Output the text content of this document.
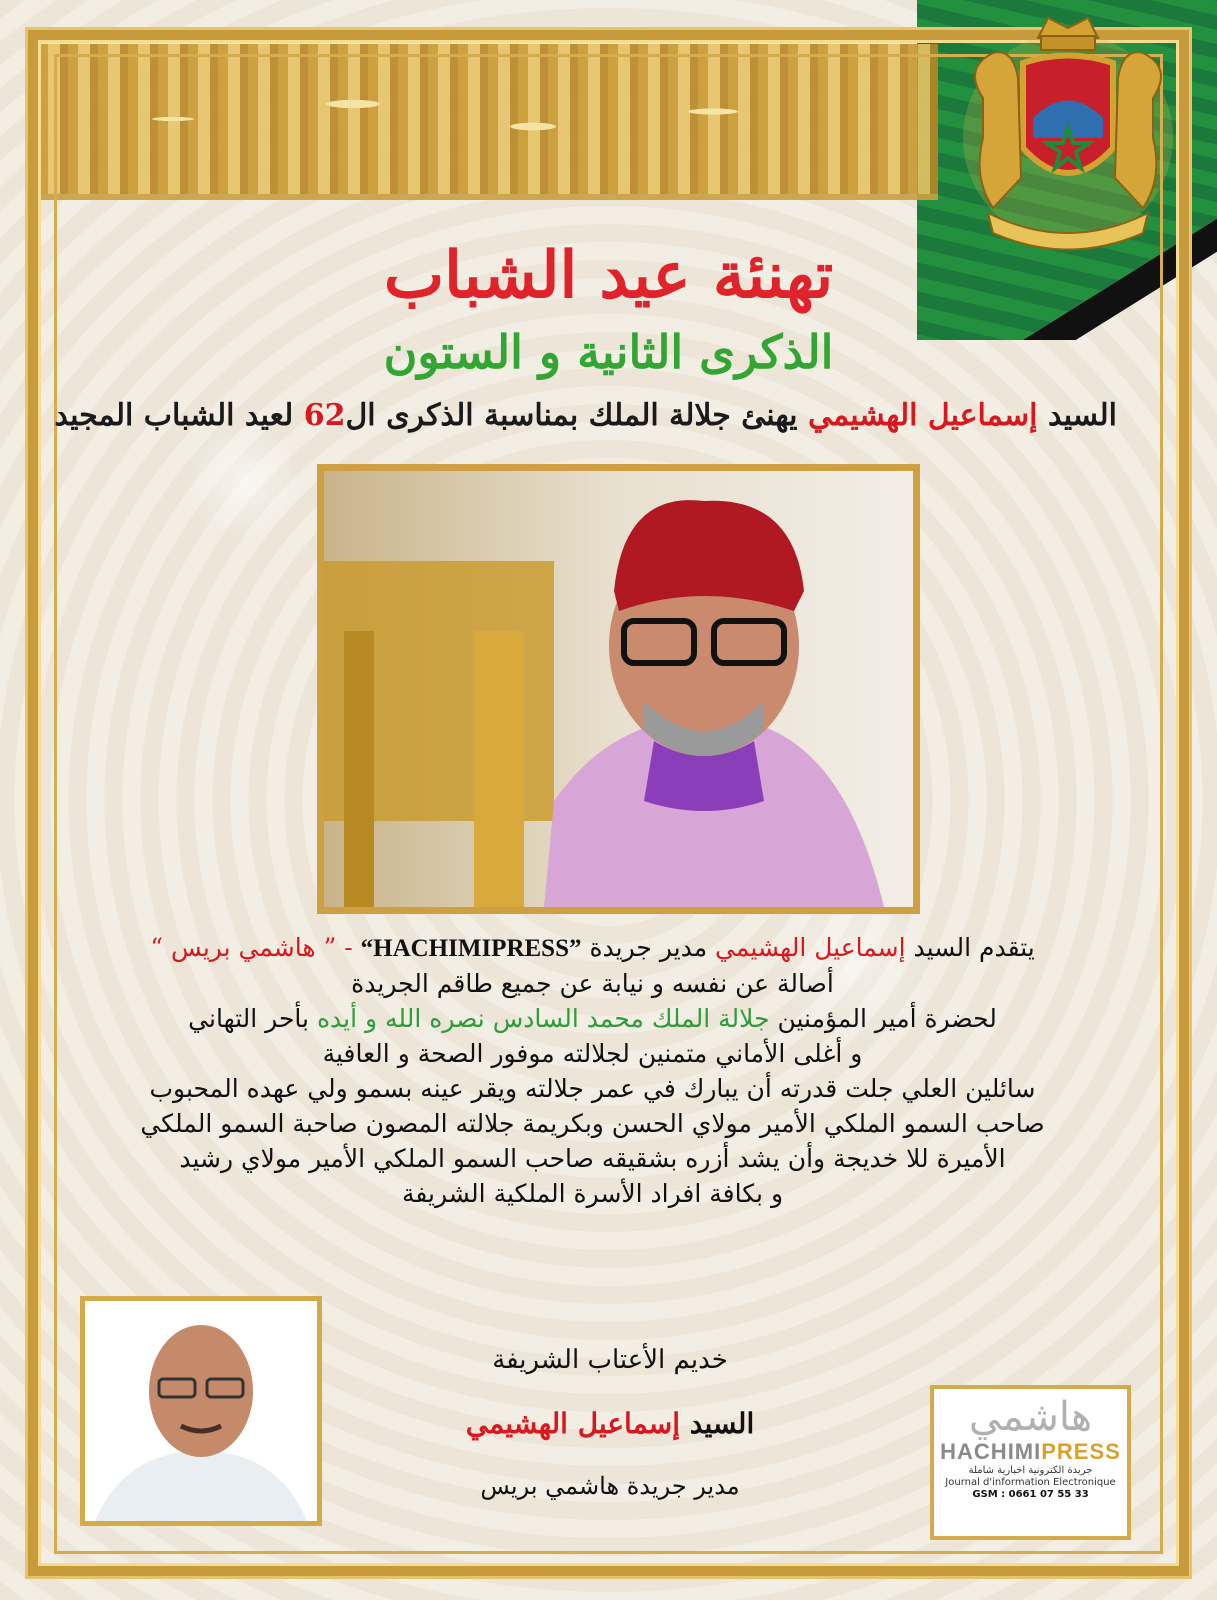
تهنئة عيد الشباب
الذكرى الثانية و الستون
السيد إسماعيل الهشيمي يهنئ جلالة الملك بمناسبة الذكرى ال62 لعيد الشباب المجيد
يتقدم السيد إسماعيل الهشيمي مدير جريدة “HACHIMIPRESS” - ” هاشمي بريس “
أصالة عن نفسه و نيابة عن جميع طاقم الجريدة
لحضرة أمير المؤمنين جلالة الملك محمد السادس نصره الله و أيده بأحر التهاني
و أغلى الأماني متمنين لجلالته موفور الصحة و العافية
سائلين العلي جلت قدرته أن يبارك في عمر جلالته ويقر عينه بسمو ولي عهده المحبوب
صاحب السمو الملكي الأمير مولاي الحسن وبكريمة جلالته المصون صاحبة السمو الملكي
الأميرة للا خديجة وأن يشد أزره بشقيقه صاحب السمو الملكي الأمير مولاي رشيد
و بكافة افراد الأسرة الملكية الشريفة
خديم الأعتاب الشريفة
السيد إسماعيل الهشيمي
مدير جريدة هاشمي بريس
هاشمي
HACHIMIPRESS
جريدة الكترونية اخبارية شاملة
Journal d'information Electronique
GSM : 0661 07 55 33
